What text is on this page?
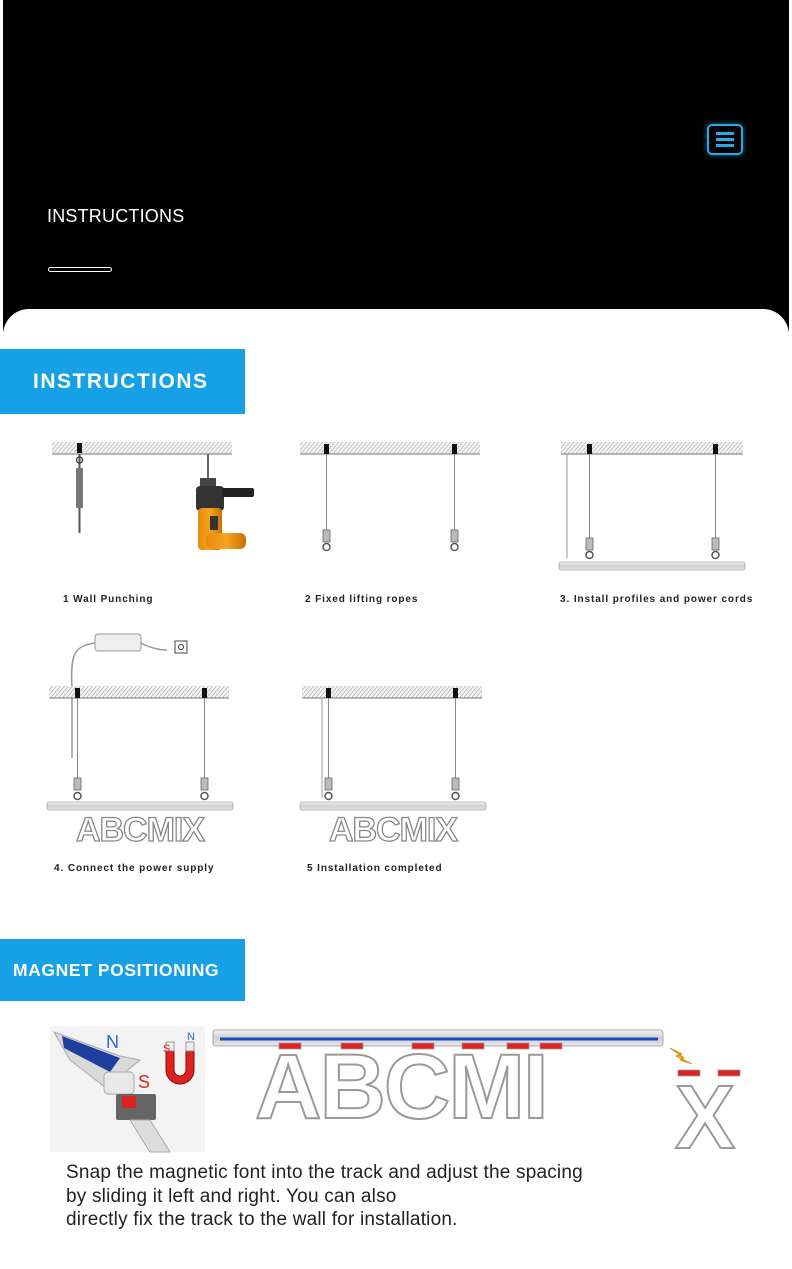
INSTRUCTIONS
INSTRUCTIONS
1 Wall Punching	2 Fixed lifting ropes	3. Install profiles and power cords
ABCMIX
4. Connect the power supply
ABCMIX
5 Installation completed
MAGNET POSITIONING
N
S
S
N ABCMI X
Snap the magnetic font into the track and adjust the spacing
by sliding it left and right. You can also
directly fix the track to the wall for installation.
